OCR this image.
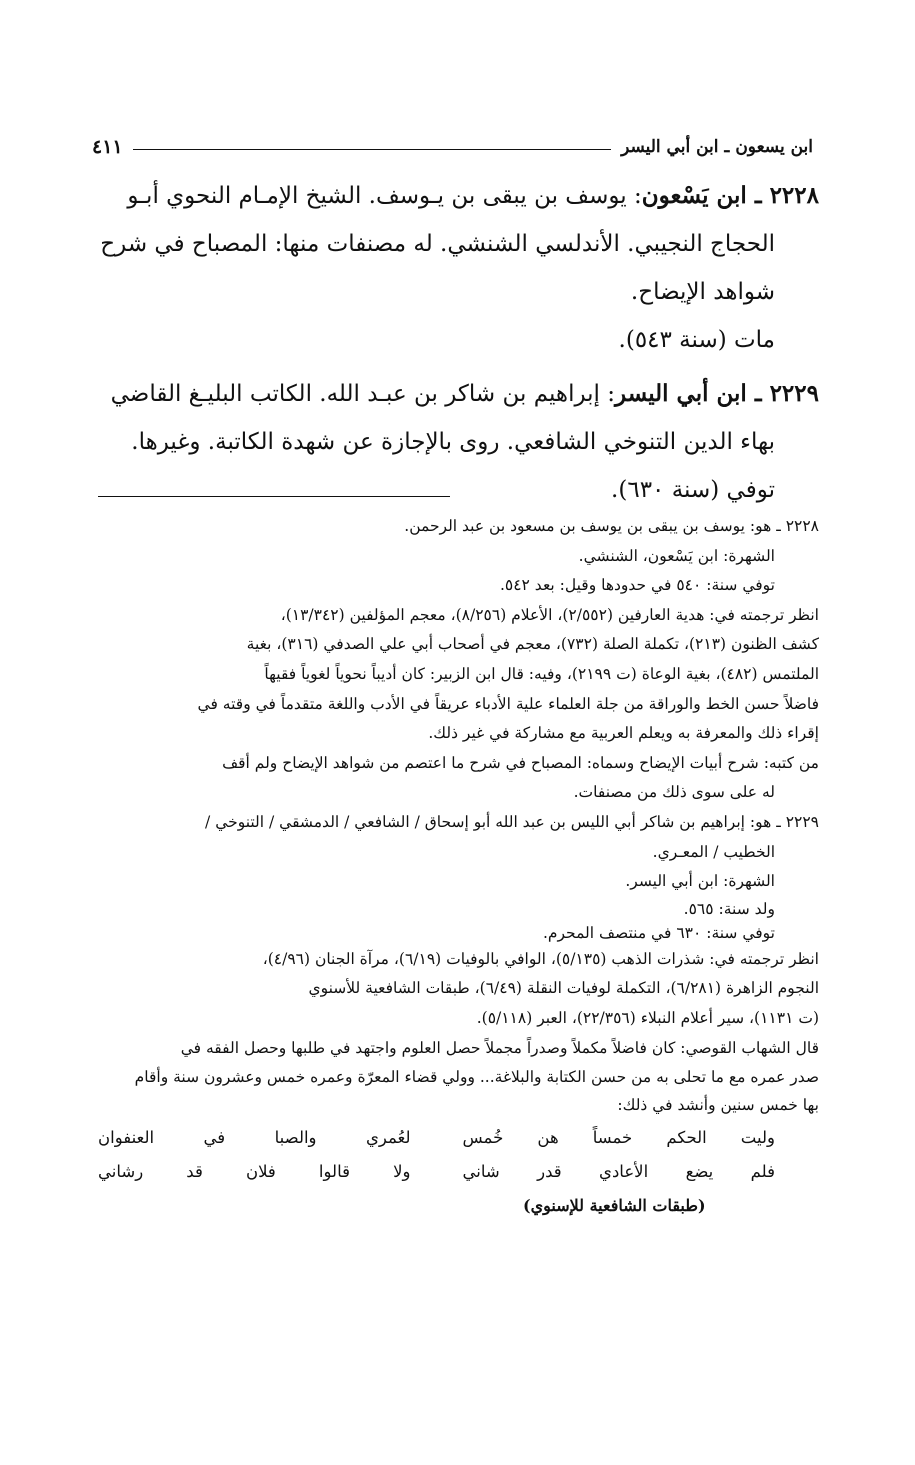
ابن يسعون ـ ابن أبي اليسر
٤١١

٢٢٢٨ ـ ابن يَسْعون: يوسف بن يبقى بن يـوسف. الشيخ الإمـام النحوي أبـو

الحجاج النجيبي. الأندلسي الشنشي. له مصنفات منها: المصباح في شرح

شواهد الإيضاح.

مات (سنة ٥٤٣).

٢٢٢٩ ـ ابن أبي اليسر: إبراهيم بن شاكر بن عبـد الله. الكاتب البليـغ القاضي

بهاء الدين التنوخي الشافعي. روى بالإجازة عن شهدة الكاتبة. وغيرها.

توفي (سنة ٦٣٠).

٢٢٢٨ ـ هو: يوسف بن يبقى بن يوسف بن مسعود بن عبد الرحمن.

الشهرة: ابن يَسْعون، الشنشي.

توفي سنة: ٥٤٠ في حدودها وقيل: بعد ٥٤٢.

انظر ترجمته في: هدية العارفين (٢/٥٥٢)، الأعلام (٨/٢٥٦)، معجم المؤلفين (١٣/٣٤٢)،

كشف الظنون (٢١٣)، تكملة الصلة (٧٣٢)، معجم في أصحاب أبي علي الصدفي (٣١٦)، بغية

الملتمس (٤٨٢)، بغية الوعاة (ت ٢١٩٩)، وفيه: قال ابن الزبير: كان أديباً نحوياً لغوياً فقيهاً

فاضلاً حسن الخط والوراقة من جلة العلماء علية الأدباء عريقاً في الأدب واللغة متقدماً في وقته في

إقراء ذلك والمعرفة به ويعلم العربية مع مشاركة في غير ذلك.

من كتبه: شرح أبيات الإيضاح وسماه: المصباح في شرح ما اعتصم من شواهد الإيضاح ولم أقف

له على سوى ذلك من مصنفات.

٢٢٢٩ ـ هو: إبراهيم بن شاكر أبي الليس بن عبد الله أبو إسحاق / الشافعي / الدمشقي / التنوخي /

الخطيب / المعـري.

الشهرة: ابن أبي اليسر.

ولد سنة: ٥٦٥.

توفي سنة: ٦٣٠ في منتصف المحرم.

انظر ترجمته في: شذرات الذهب (٥/١٣٥)، الوافي بالوفيات (٦/١٩)، مرآة الجنان (٤/٩٦)،

النجوم الزاهرة (٦/٢٨١)، التكملة لوفيات النقلة (٦/٤٩)، طبقات الشافعية للأسنوي

(ت ١١٣١)، سير أعلام النبلاء (٢٢/٣٥٦)، العبر (٥/١١٨).

قال الشهاب القوصي: كان فاضلاً مكملاً وصدراً مجملاً حصل العلوم واجتهد في طلبها وحصل الفقه في

صدر عمره مع ما تحلى به من حسن الكتابة والبلاغة... وولي قضاء المعرّة وعمره خمس وعشرون سنة وأقام

بها خمس سنين وأنشد في ذلك:

وليت الحكم خمساً هن خُمس
لعُمري والصبا في العنفوان
فلم يضع الأعادي قدر شاني
ولا قالوا فلان قد رشاني

(طبقات الشافعية للإسنوي)
